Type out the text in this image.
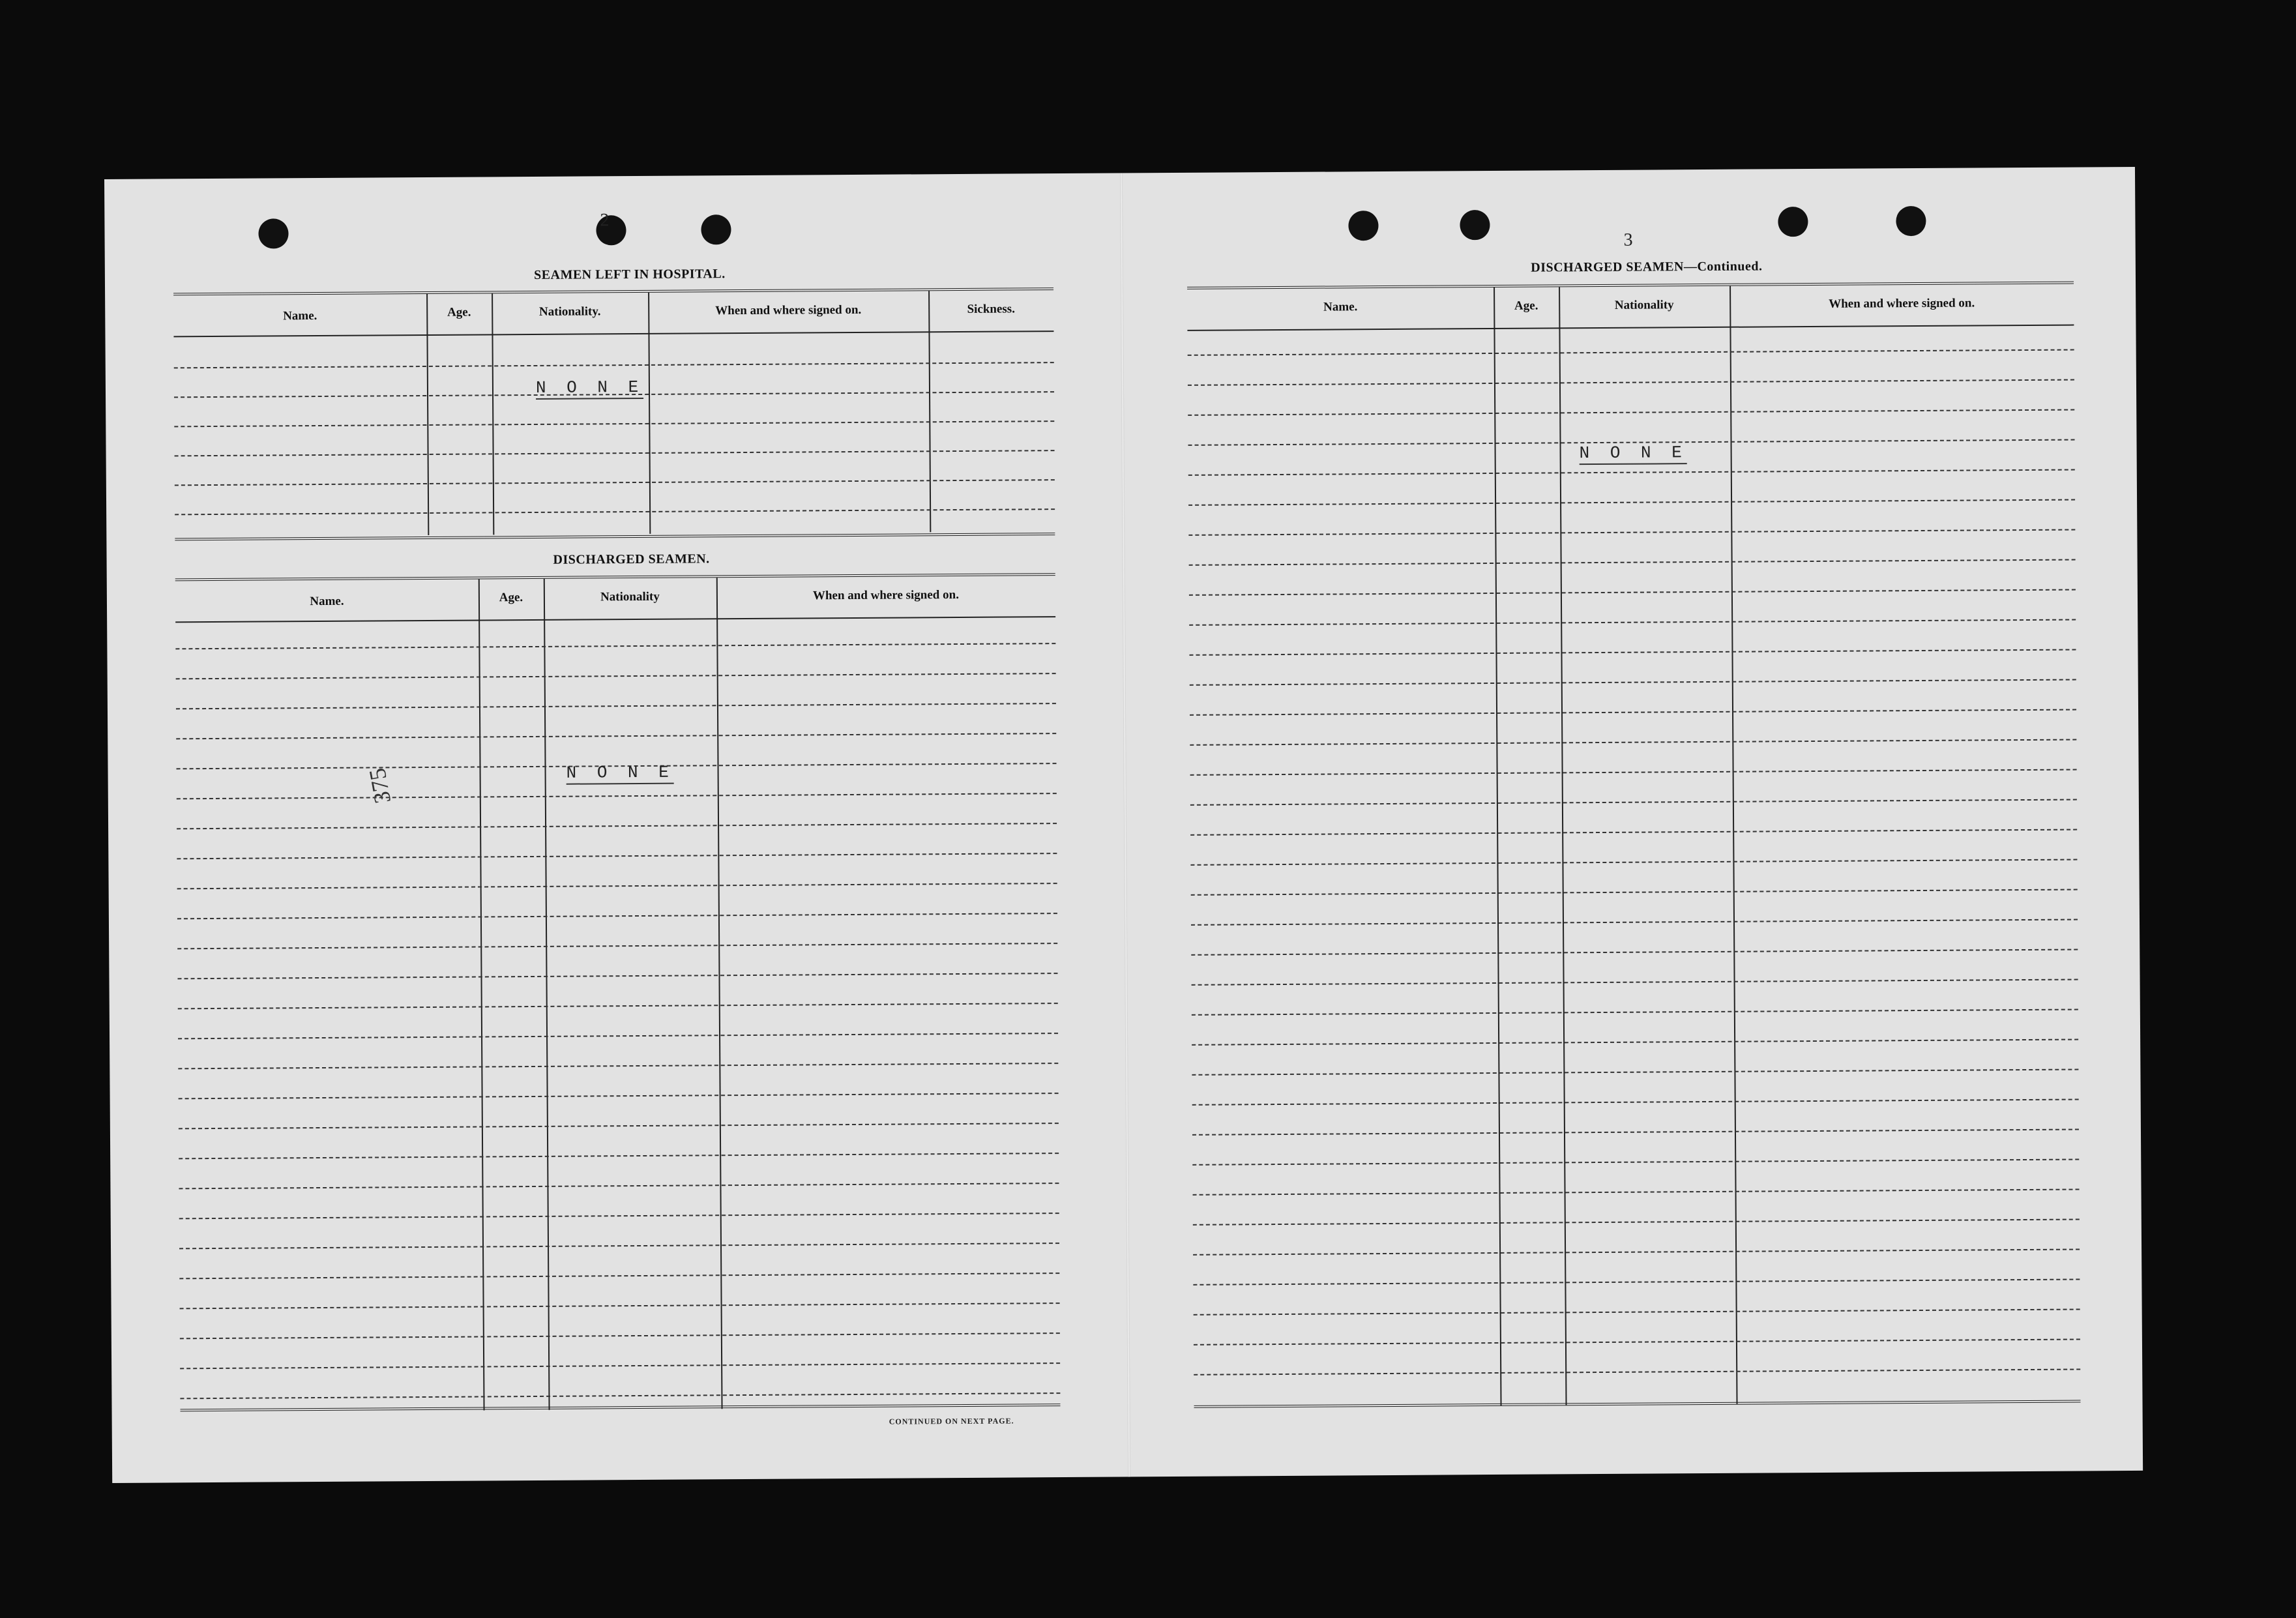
2
SEAMEN LEFT IN HOSPITAL.
Name.	Age.	Nationality.	When and where signed on.	Sickness.
N O N E
DISCHARGED SEAMEN.
Name.	Age.	Nationality	When and where signed on.
N O N E
375
CONTINUED ON NEXT PAGE.
3
DISCHARGED SEAMEN—Continued.
Name.	Age.	Nationality	When and where signed on.
N O N E
